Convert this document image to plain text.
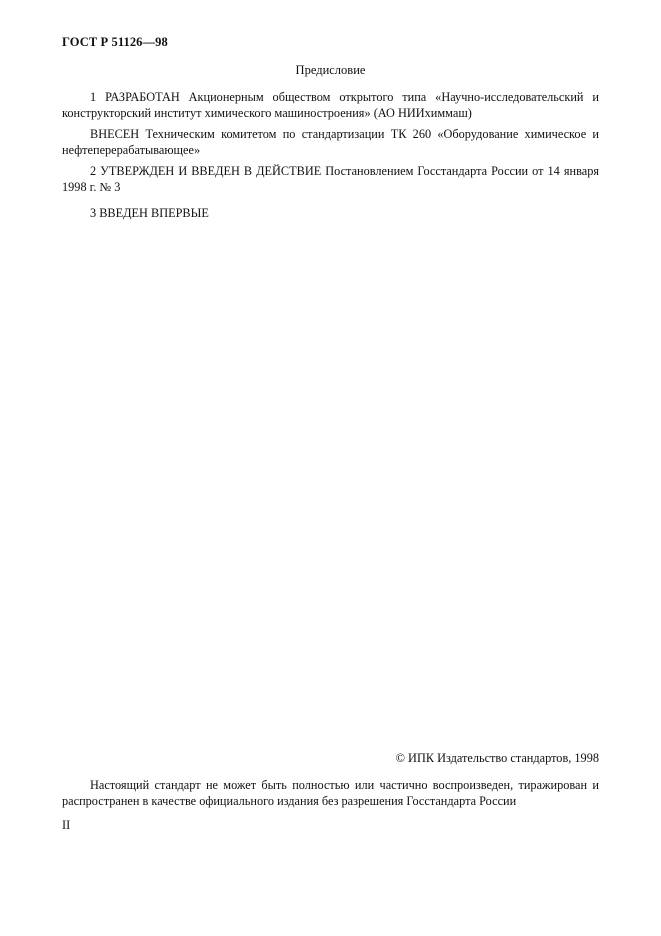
ГОСТ Р 51126—98
Предисловие
1 РАЗРАБОТАН Акционерным обществом открытого типа «Научно-исследовательский и конструкторский институт химического машиностроения» (АО НИИхиммаш)
ВНЕСЕН Техническим комитетом по стандартизации ТК 260 «Оборудование химическое и нефтеперерабатывающее»
2 УТВЕРЖДЕН И ВВЕДЕН В ДЕЙСТВИЕ Постановлением Госстандарта России от 14 января 1998 г. № 3
3 ВВЕДЕН ВПЕРВЫЕ
© ИПК Издательство стандартов, 1998
Настоящий стандарт не может быть полностью или частично воспроизведен, тиражирован и распространен в качестве официального издания без разрешения Госстандарта России
II
